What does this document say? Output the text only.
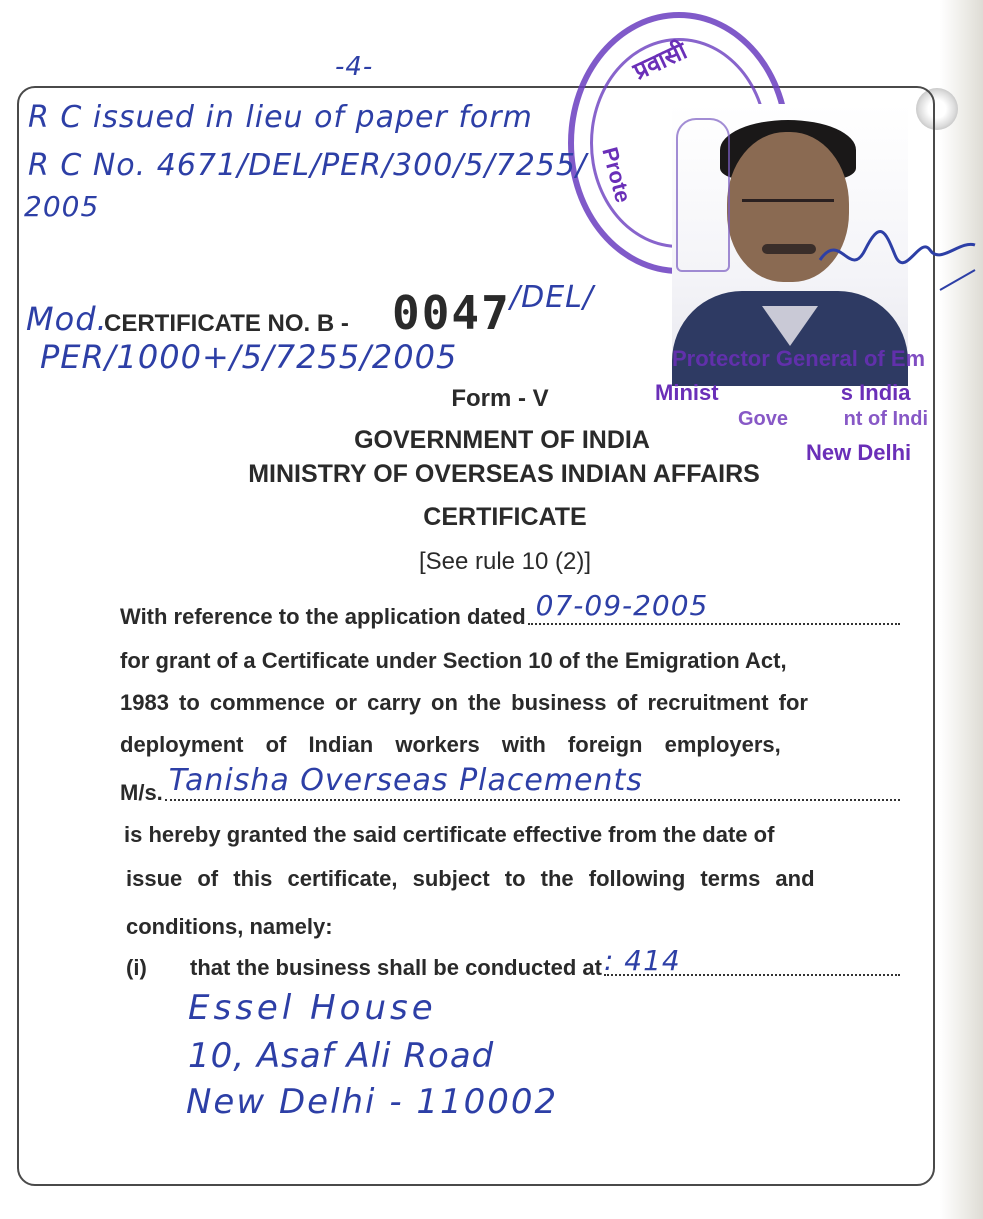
प्रवासी
Prote
Protector General of Em
Minist                    s India
Gove          nt of Indi
New Delhi
-4-
R C issued in lieu of paper form
R C No. 4671/DEL/PER/300/5/7255/
2005
Mod.
CERTIFICATE NO. B - 0047 /DEL/
PER/1000+/5/7255/2005
Form - V
GOVERNMENT OF INDIA
MINISTRY OF OVERSEAS INDIAN AFFAIRS
CERTIFICATE
[See rule 10 (2)]
With reference to the application dated 07-09-2005
for grant of a Certificate under Section 10 of the Emigration Act,
1983 to commence or carry on the business of recruitment for
deployment of Indian workers with foreign employers,
M/s. Tanisha Overseas Placements
is hereby granted the said certificate effective from the date of
issue of this certificate, subject to the following terms and
conditions, namely:
(i)	that the business shall be conducted at : 414
Essel House
10, Asaf Ali Road
New Delhi - 110002
